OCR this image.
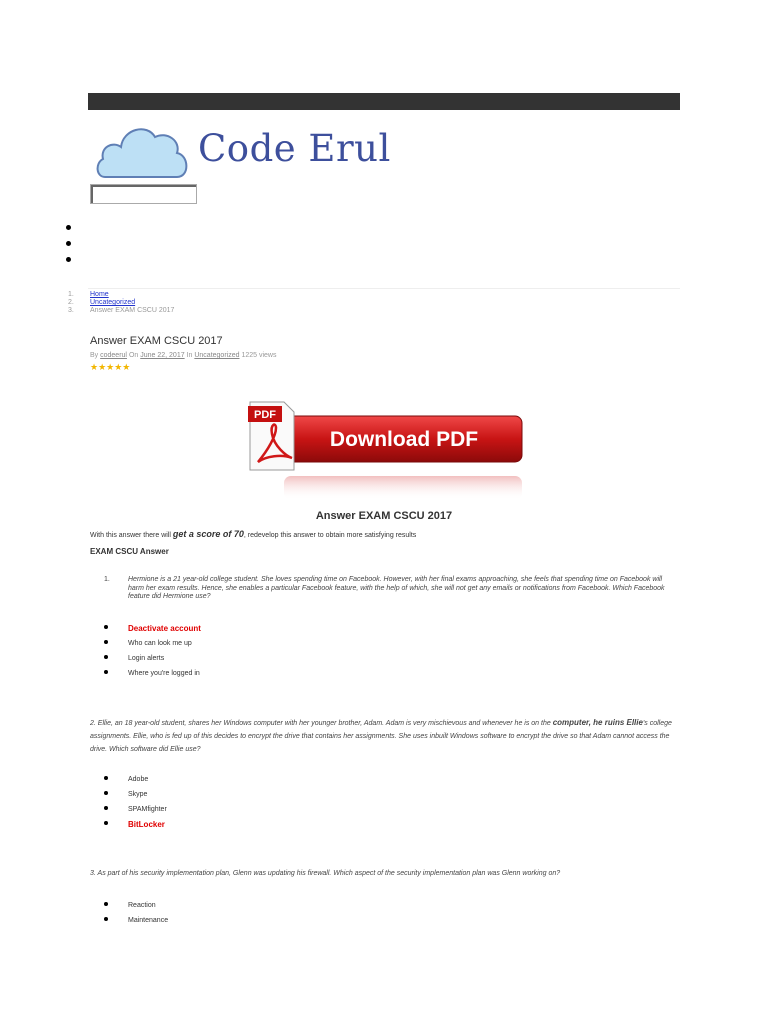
Code Erul
1.	Home
2.	Uncategorized
3.	Answer EXAM CSCU 2017
Answer EXAM CSCU 2017
By codeerul On June 22, 2017 In Uncategorized 1225 views
★★★★★
PDF
Download PDF
Answer EXAM CSCU 2017
With this answer there will get a score of 70, redevelop this answer to obtain more satisfying results
EXAM CSCU Answer
1.	Hermione is a 21 year-old college student. She loves spending time on Facebook. However, with her final exams approaching, she feels that spending time on Facebook will harm her exam results. Hence, she enables a particular Facebook feature, with the help of which, she will not get any emails or notifications from Facebook. Which Facebook feature did Hermione use?
Deactivate account
Who can look me up
Login alerts
Where you're logged in
2. Ellie, an 18 year-old student, shares her Windows computer with her younger brother, Adam. Adam is very mischievous and whenever he is on the computer, he ruins Ellie's college assignments. Ellie, who is fed up of this decides to encrypt the drive that contains her assignments. She uses inbuilt Windows software to encrypt the drive so that Adam cannot access the drive. Which software did Ellie use?
Adobe
Skype
SPAMfighter
BitLocker
3. As part of his security implementation plan, Glenn was updating his firewall. Which aspect of the security implementation plan was Glenn working on?
Reaction
Maintenance
